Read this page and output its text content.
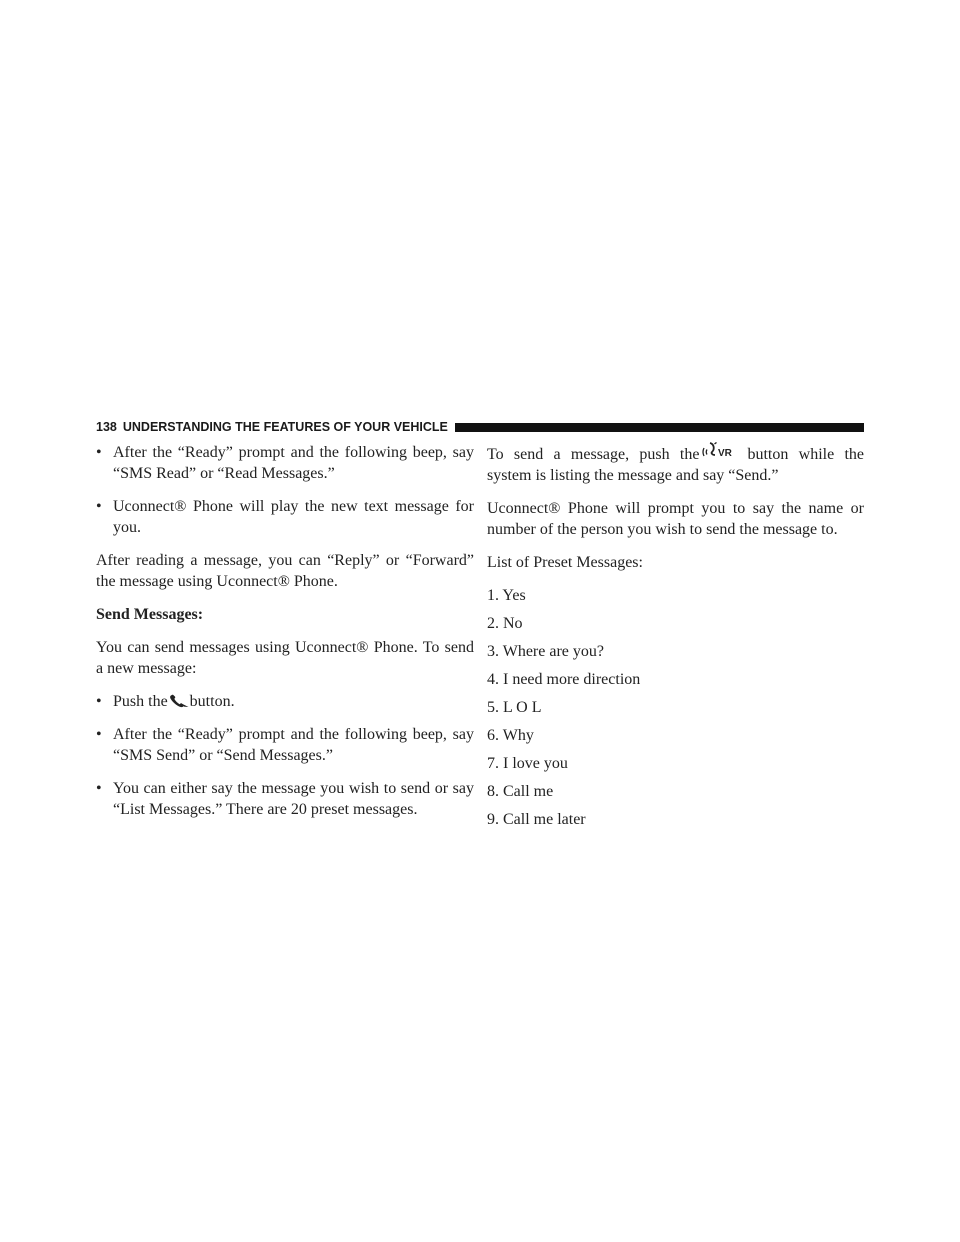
138 UNDERSTANDING THE FEATURES OF YOUR VEHICLE
• After the “Ready” prompt and the following beep, say “SMS Read” or “Read Messages.”
• Uconnect® Phone will play the new text message for you.

After reading a message, you can “Reply” or “Forward” the message using Uconnect® Phone.

Send Messages:

You can send messages using Uconnect® Phone. To send a new message:

• Push the button.
• After the “Ready” prompt and the following beep, say “SMS Send” or “Send Messages.”
• You can either say the message you wish to send or say “List Messages.” There are 20 preset messages.

To send a message, push the VR button while the system is listing the message and say “Send.”

Uconnect® Phone will prompt you to say the name or number of the person you wish to send the message to.

List of Preset Messages:

1. Yes
2. No
3. Where are you?
4. I need more direction
5. L O L
6. Why
7. I love you
8. Call me
9. Call me later
